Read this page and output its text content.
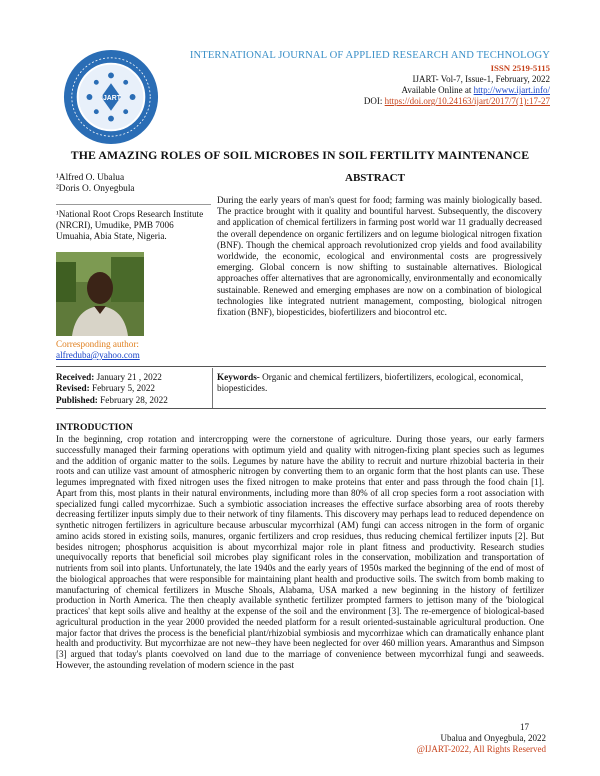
IJART
INTERNATIONAL JOURNAL OF APPLIED RESEARCH AND TECHNOLOGY
ISSN 2519-5115
IJART- Vol-7, Issue-1, February, 2022
Available Online at http://www.ijart.info/
DOI: https://doi.org/10.24163/ijart/2017/7(1):17-27
THE AMAZING ROLES OF SOIL MICROBES IN SOIL FERTILITY MAINTENANCE
¹Alfred O. Ubalua
²Doris O. Onyegbula
¹National Root Crops Research Institute (NRCRI), Umudike, PMB 7006 Umuahia, Abia State, Nigeria.
Corresponding author:
alfreduba@yahoo.com
ABSTRACT
During the early years of man's quest for food; farming was mainly biologically based. The practice brought with it quality and bountiful harvest. Subsequently, the discovery and application of chemical fertilizers in farming post world war 11 gradually decreased the overall dependence on organic fertilizers and on legume biological nitrogen fixation (BNF). Though the chemical approach revolutionized crop yields and food availability worldwide, the economic, ecological and environmental costs are progressively emerging. Global concern is now shifting to sustainable alternatives. Biological approaches offer alternatives that are agronomically, environmentally and economically sustainable. Renewed and emerging emphases are now on a combination of biological technologies like integrated nutrient management, composting, biological nitrogen fixation (BNF), biopesticides, biofertilizers and biocontrol etc.
Received: January 21 , 2022
Revised: February 5, 2022
Published: February 28, 2022
Keywords- Organic and chemical fertilizers, biofertilizers, ecological, economical, biopesticides.
INTRODUCTION
In the beginning, crop rotation and intercropping were the cornerstone of agriculture. During those years, our early farmers successfully managed their farming operations with optimum yield and quality with nitrogen-fixing plant species such as legumes and the addition of organic matter to the soils. Legumes by nature have the ability to recruit and nurture rhizobial bacteria in their roots and can utilize vast amount of atmospheric nitrogen by converting them to an organic form that the host plants can use. These legumes impregnated with fixed nitrogen uses the fixed nitrogen to make proteins that enter and pass through the food chain [1]. Apart from this, most plants in their natural environments, including more than 80% of all crop species form a root association with specialized fungi called mycorrhizae. Such a symbiotic association increases the effective surface absorbing area of roots thereby decreasing fertilizer inputs simply due to their network of tiny filaments. This discovery may perhaps lead to reduced dependence on synthetic nitrogen fertilizers in agriculture because arbuscular mycorrhizal (AM) fungi can access nitrogen in the form of organic amino acids stored in existing soils, manures, organic fertilizers and crop residues, thus reducing chemical fertilizer inputs [2]. But besides nitrogen; phosphorus acquisition is about mycorrhizal major role in plant fitness and productivity. Research studies unequivocally reports that beneficial soil microbes play significant roles in the conservation, mobilization and transportation of nutrients from soil into plants. Unfortunately, the late 1940s and the early years of 1950s marked the beginning of the end of most of the biological approaches that were responsible for maintaining plant health and productive soils. The switch from bomb making to manufacturing of chemical fertilizers in Musche Shoals, Alabama, USA marked a new beginning in the history of fertilizer production in North America. The then cheaply available synthetic fertilizer prompted farmers to jettison many of the 'biological practices' that kept soils alive and healthy at the expense of the soil and the environment [3]. The re-emergence of biological-based agricultural production in the year 2000 provided the needed platform for a result oriented-sustainable agricultural production. One major factor that drives the process is the beneficial plant/rhizobial symbiosis and mycorrhizae which can dramatically enhance plant health and productivity. But mycorrhizae are not new–they have been neglected for over 460 million years. Amaranthus and Simpson [3] argued that today's plants coevolved on land due to the marriage of convenience between mycorrhizal fungi and seaweeds. However, the astounding revelation of modern science in the past
17
Ubalua and Onyegbula, 2022
@IJART-2022, All Rights Reserved
